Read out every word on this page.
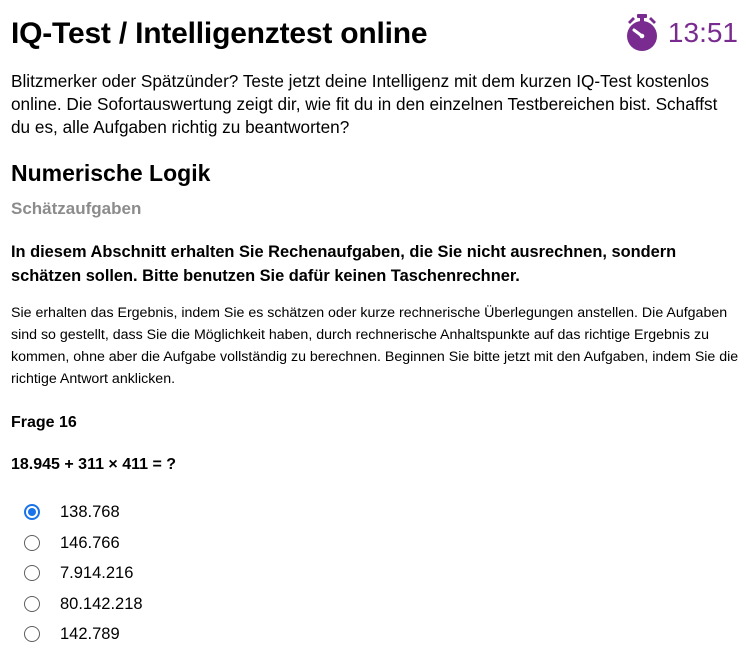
IQ-Test / Intelligenztest online	13:51

Blitzmerker oder Spätzünder? Teste jetzt deine Intelligenz mit dem kurzen IQ-Test kostenlos online. Die Sofortauswertung zeigt dir, wie fit du in den einzelnen Testbereichen bist. Schaffst du es, alle Aufgaben richtig zu beantworten?

Numerische Logik
Schätzaufgaben

In diesem Abschnitt erhalten Sie Rechenaufgaben, die Sie nicht ausrechnen, sondern schätzen sollen. Bitte benutzen Sie dafür keinen Taschenrechner.

Sie erhalten das Ergebnis, indem Sie es schätzen oder kurze rechnerische Überlegungen anstellen. Die Aufgaben sind so gestellt, dass Sie die Möglichkeit haben, durch rechnerische Anhaltspunkte auf das richtige Ergebnis zu kommen, ohne aber die Aufgabe vollständig zu berechnen. Beginnen Sie bitte jetzt mit den Aufgaben, indem Sie die richtige Antwort anklicken.

Frage 16
18.945 + 311 × 411 = ?
138.768
146.766
7.914.216
80.142.218
142.789
